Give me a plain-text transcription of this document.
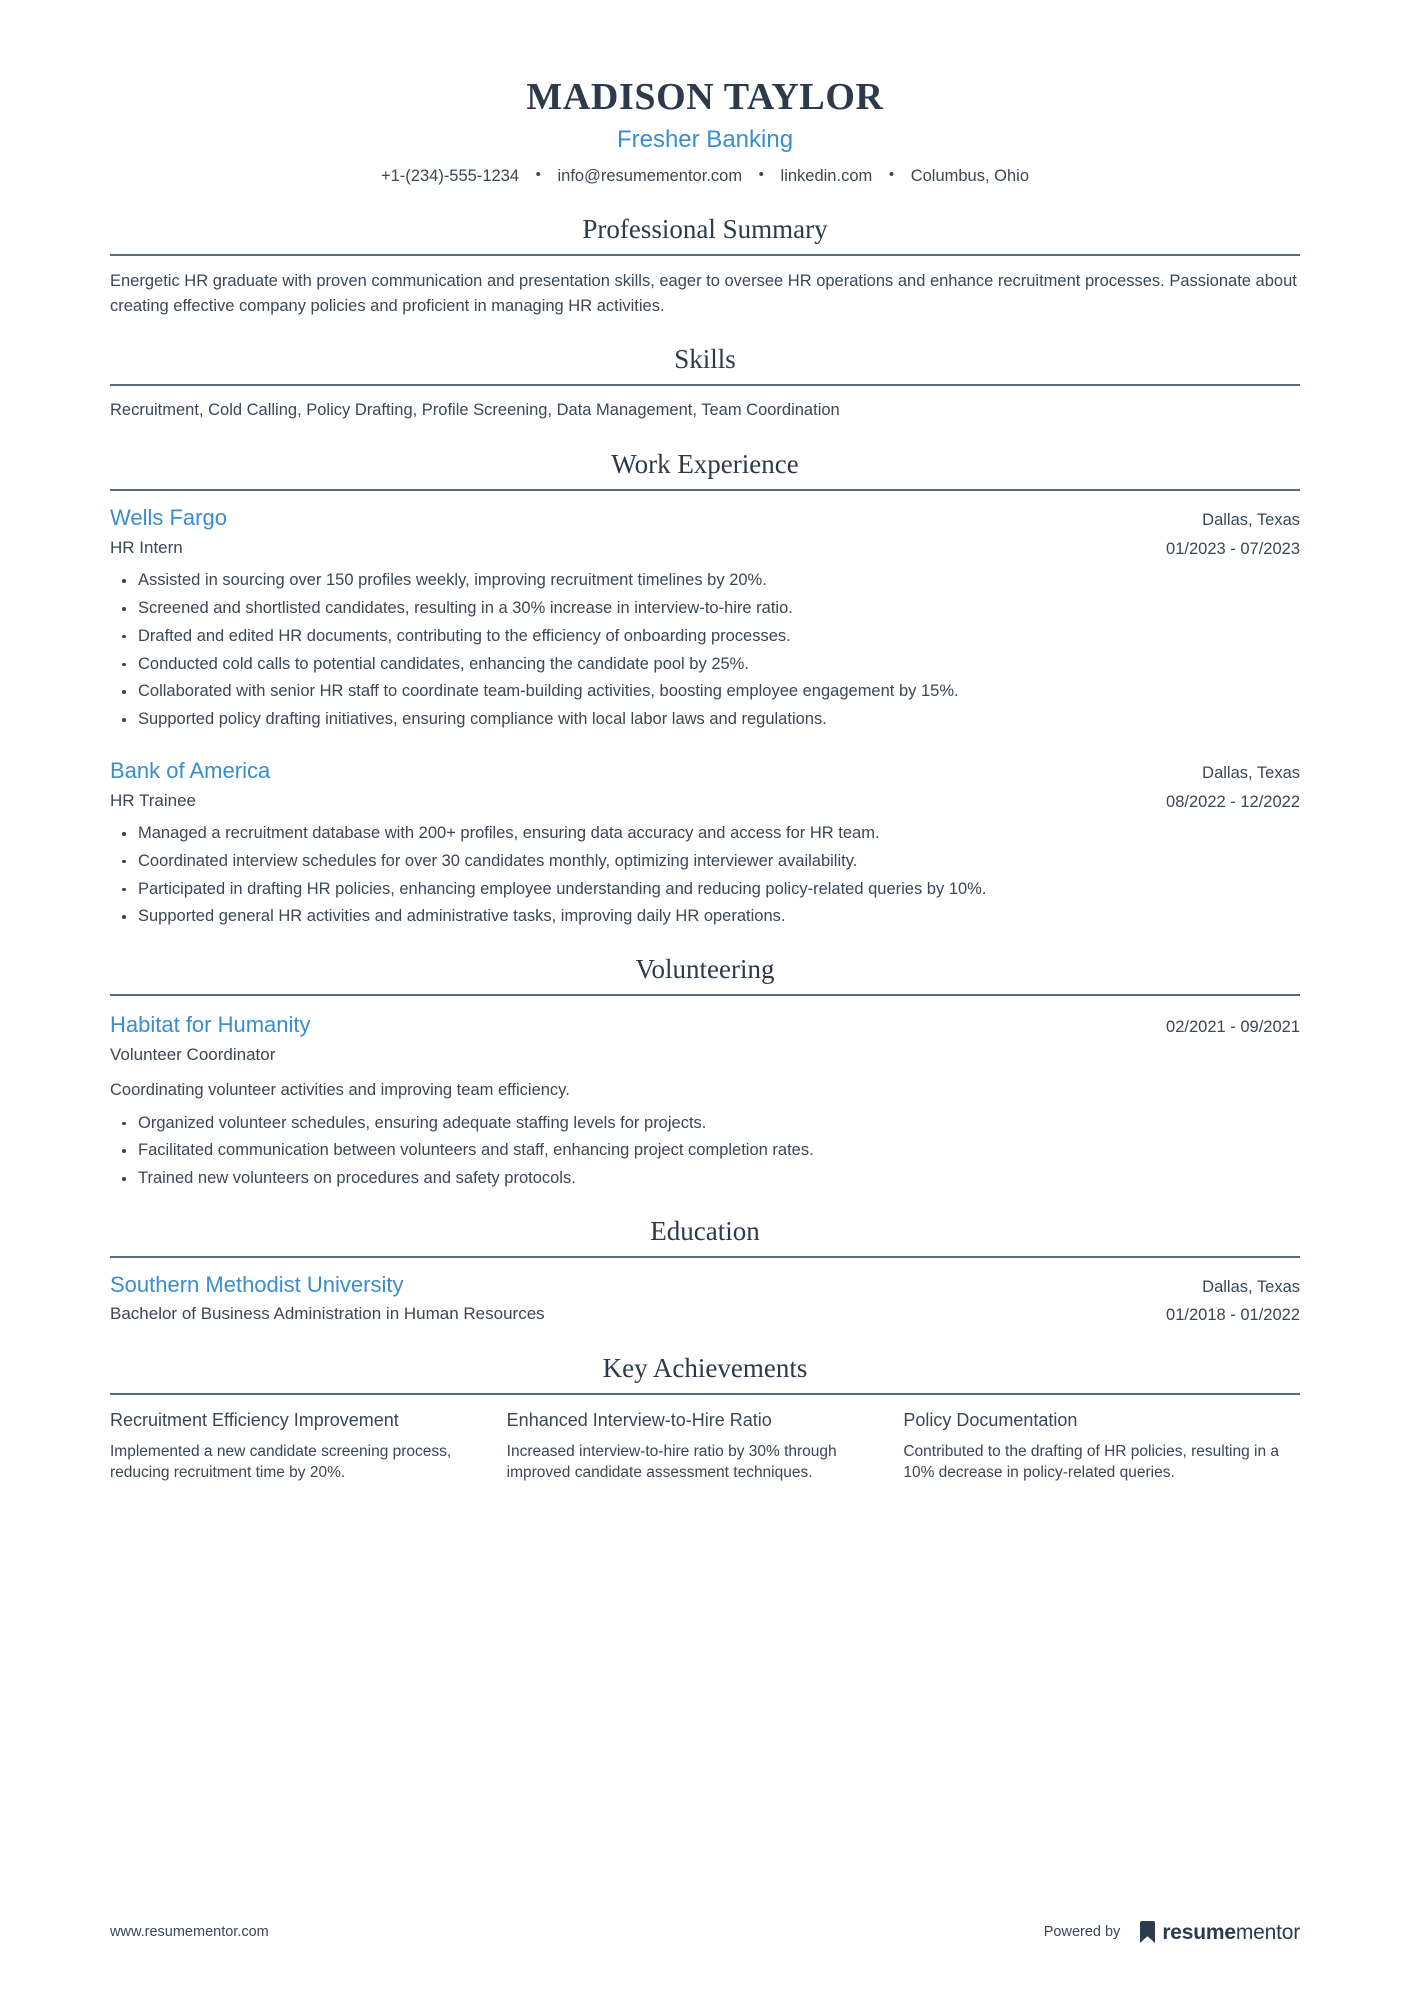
MADISON TAYLOR
Fresher Banking
+1-(234)-555-1234 • info@resumementor.com • linkedin.com • Columbus, Ohio
Professional Summary

Energetic HR graduate with proven communication and presentation skills, eager to oversee HR operations and enhance recruitment processes. Passionate about creating effective company policies and proficient in managing HR activities.

Skills
Recruitment, Cold Calling, Policy Drafting, Profile Screening, Data Management, Team Coordination
Work Experience
Wells Fargo
HR Intern
Dallas, Texas
01/2023 - 07/2023
Assisted in sourcing over 150 profiles weekly, improving recruitment timelines by 20%.
Screened and shortlisted candidates, resulting in a 30% increase in interview-to-hire ratio.
Drafted and edited HR documents, contributing to the efficiency of onboarding processes.
Conducted cold calls to potential candidates, enhancing the candidate pool by 25%.
Collaborated with senior HR staff to coordinate team-building activities, boosting employee engagement by 15%.
Supported policy drafting initiatives, ensuring compliance with local labor laws and regulations.
Bank of America
HR Trainee
Dallas, Texas
08/2022 - 12/2022
Managed a recruitment database with 200+ profiles, ensuring data accuracy and access for HR team.
Coordinated interview schedules for over 30 candidates monthly, optimizing interviewer availability.
Participated in drafting HR policies, enhancing employee understanding and reducing policy-related queries by 10%.
Supported general HR activities and administrative tasks, improving daily HR operations.
Volunteering
Habitat for Humanity
Volunteer Coordinator
02/2021 - 09/2021
Coordinating volunteer activities and improving team efficiency.
Organized volunteer schedules, ensuring adequate staffing levels for projects.
Facilitated communication between volunteers and staff, enhancing project completion rates.
Trained new volunteers on procedures and safety protocols.
Education
Southern Methodist University
Bachelor of Business Administration in Human Resources
Dallas, Texas
01/2018 - 01/2022
Key Achievements
Recruitment Efficiency Improvement
Implemented a new candidate screening process, reducing recruitment time by 20%.
Enhanced Interview-to-Hire Ratio
Increased interview-to-hire ratio by 30% through improved candidate assessment techniques.
Policy Documentation
Contributed to the drafting of HR policies, resulting in a 10% decrease in policy-related queries.
www.resumementor.com	Powered by resumementor
